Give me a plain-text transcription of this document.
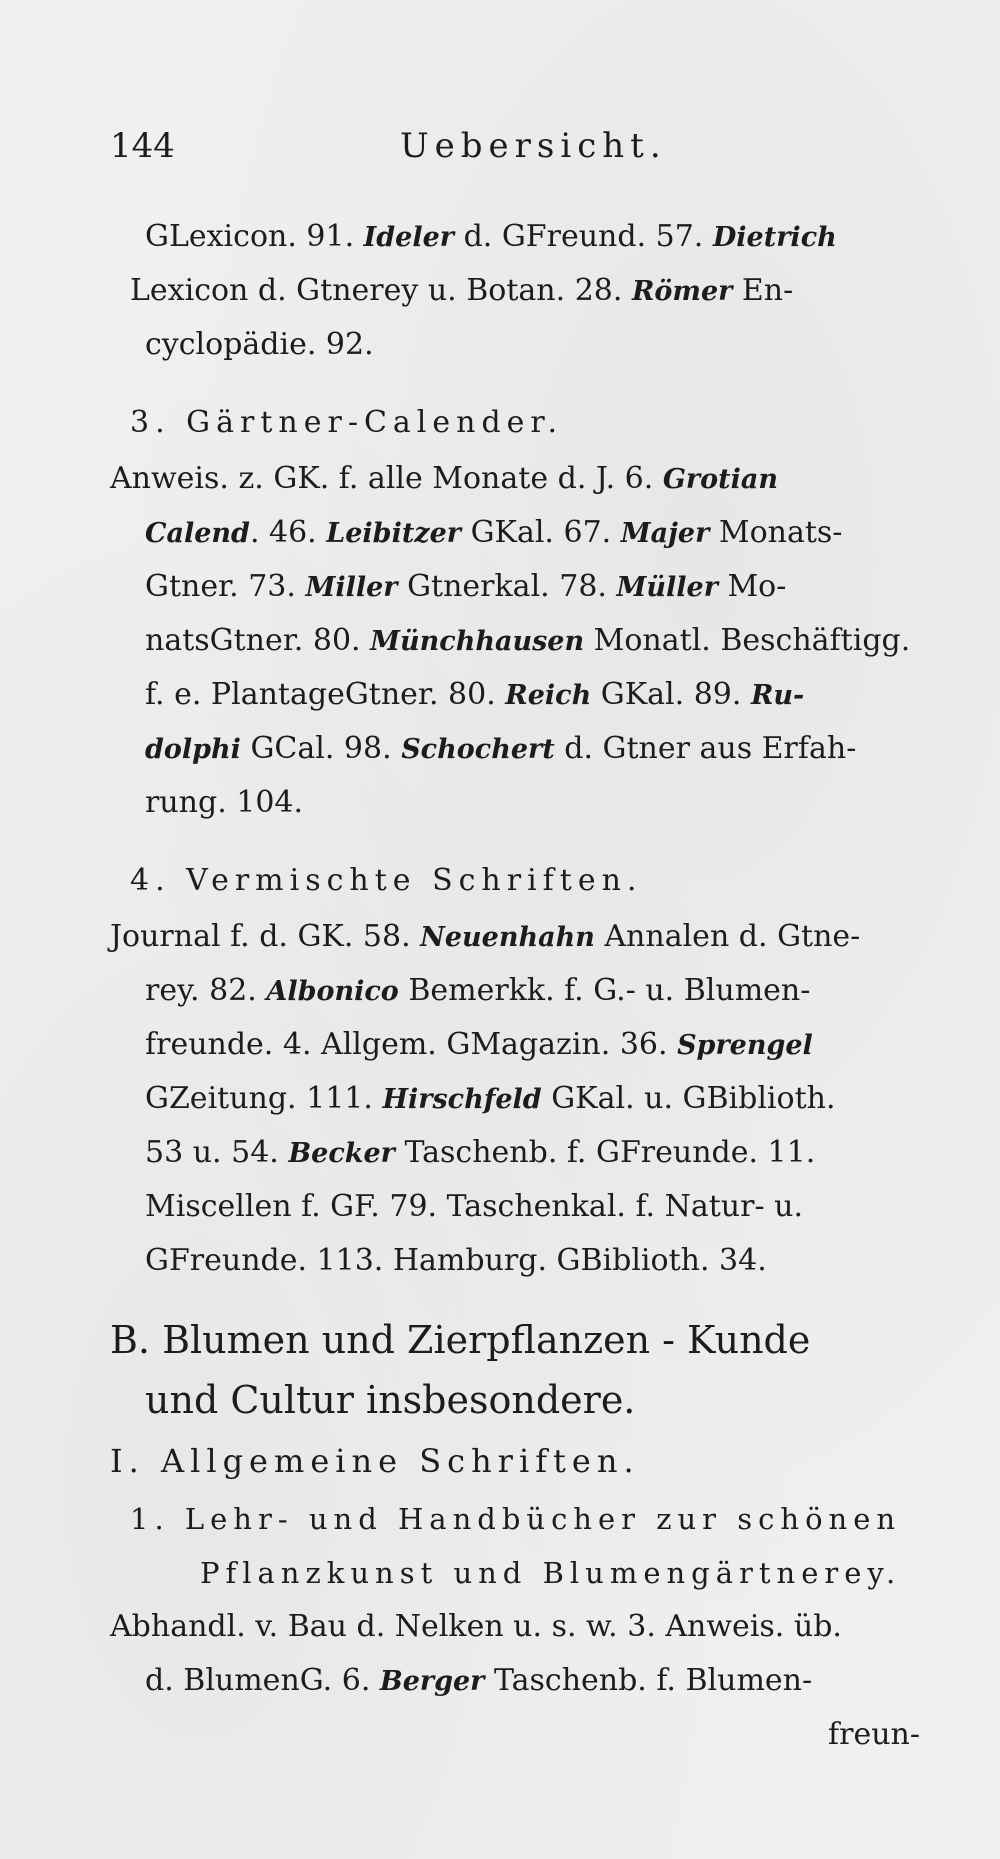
144	Uebersicht.
GLexicon. 91. Ideler d. GFreund. 57. Dietrich
Lexicon d. Gtnerey u. Botan. 28. Römer En-
cyclopädie. 92.
3. Gärtner-Calender.
Anweis. z. GK. f. alle Monate d. J. 6. Grotian
Calend. 46. Leibitzer GKal. 67. Majer Monats-
Gtner. 73. Miller Gtnerkal. 78. Müller Mo-
natsGtner. 80. Münchhausen Monatl. Beschäftigg.
f. e. PlantageGtner. 80. Reich GKal. 89. Ru-
dolphi GCal. 98. Schochert d. Gtner aus Erfah-
rung. 104.
4. Vermischte Schriften.
Journal f. d. GK. 58. Neuenhahn Annalen d. Gtne-
rey. 82. Albonico Bemerkk. f. G.- u. Blumen-
freunde. 4. Allgem. GMagazin. 36. Sprengel
GZeitung. 111. Hirschfeld GKal. u. GBiblioth.
53 u. 54. Becker Taschenb. f. GFreunde. 11.
Miscellen f. GF. 79. Taschenkal. f. Natur- u.
GFreunde. 113. Hamburg. GBiblioth. 34.
B. Blumen und Zierpflanzen - Kunde
und Cultur insbesondere.
I. Allgemeine Schriften.
1. Lehr- und Handbücher zur schönen
Pflanzkunst und Blumengärtnerey.
Abhandl. v. Bau d. Nelken u. s. w. 3. Anweis. üb.
d. BlumenG. 6. Berger Taschenb. f. Blumen-
freun-
